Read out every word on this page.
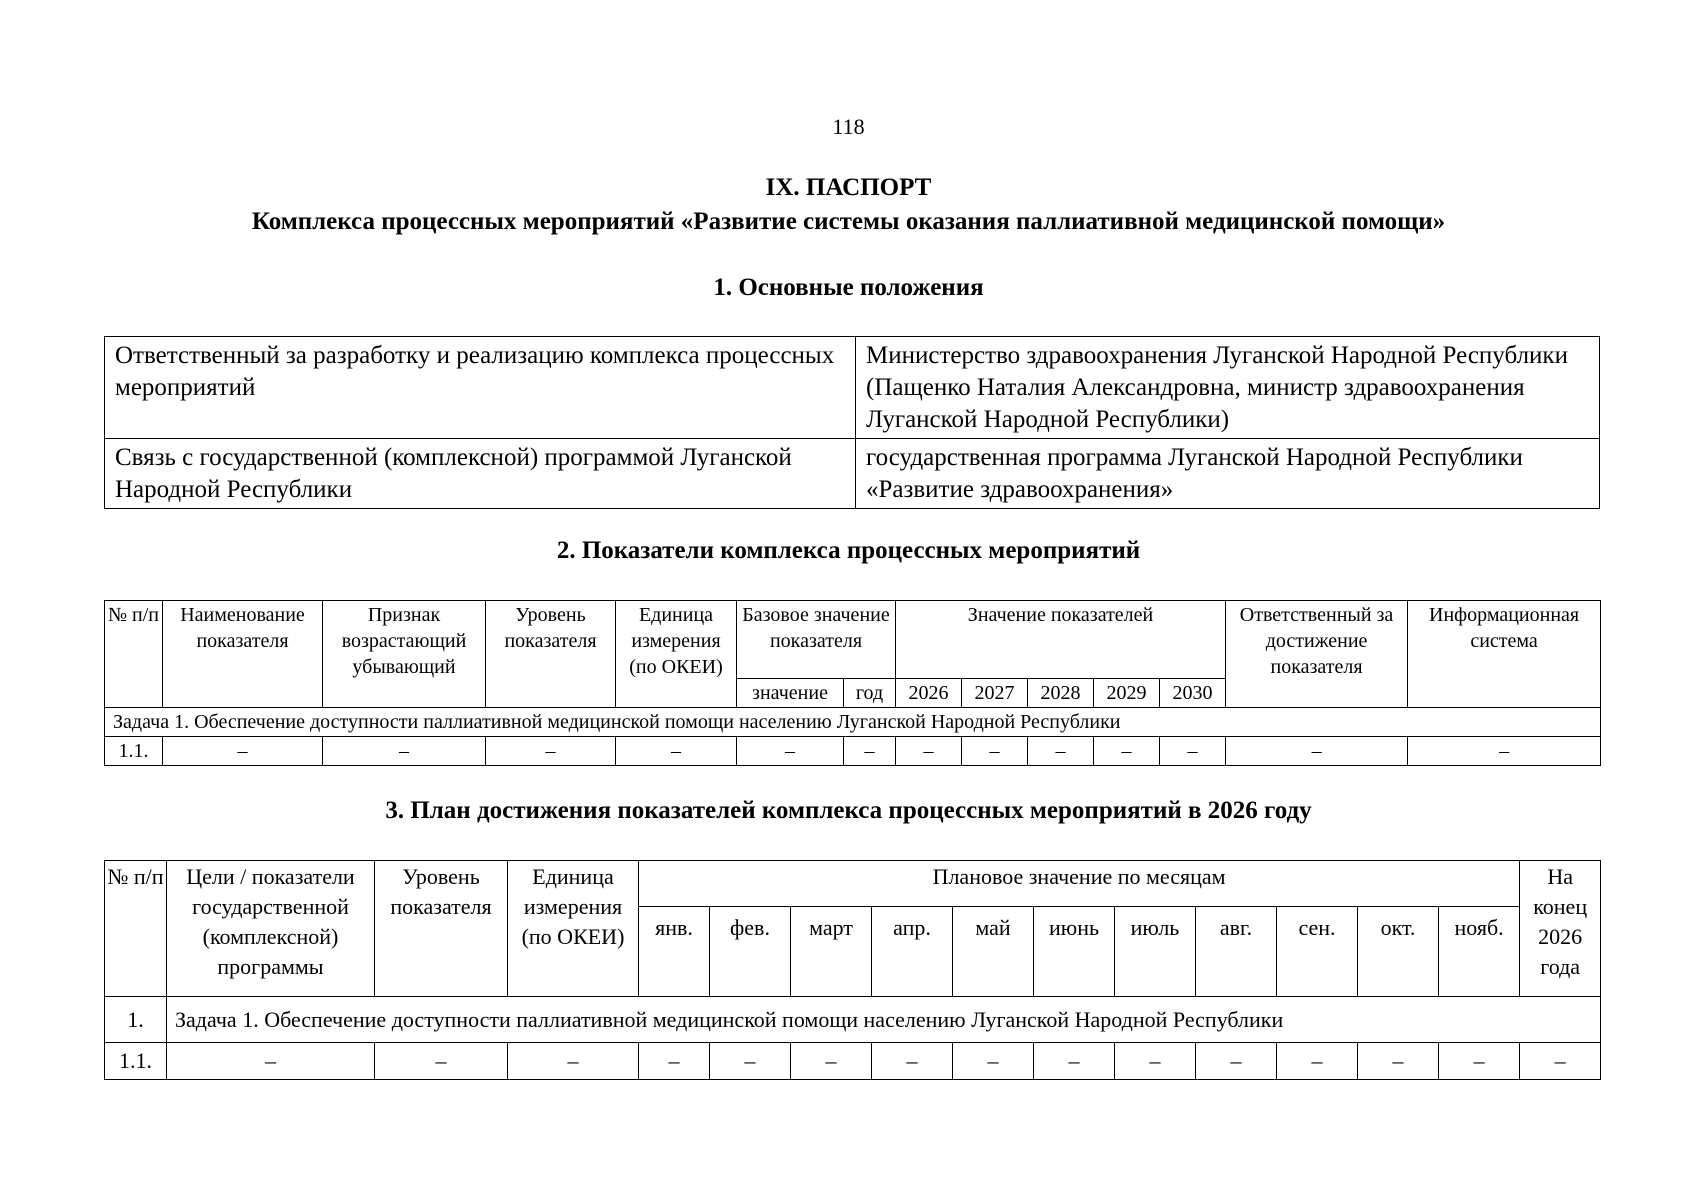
118
IX. ПАСПОРТ
Комплекса процессных мероприятий «Развитие системы оказания паллиативной медицинской помощи»
1. Основные положения
Ответственный за разработку и реализацию комплекса процессных мероприятий	Министерство здравоохранения Луганской Народной Республики (Пащенко Наталия Александровна, министр здравоохранения Луганской Народной Республики)
Связь с государственной (комплексной) программой Луганской Народной Республики	государственная программа Луганской Народной Республики «Развитие здравоохранения»
2. Показатели комплекса процессных мероприятий
№ п/п	Наименование показателя	Признак возрастающий убывающий	Уровень показателя	Единица измерения (по ОКЕИ)	Базовое значение показателя		Значение показателей					Ответственный за достижение показателя	Информационная система
					значение	год	2026	2027	2028	2029	2030		
Задача 1. Обеспечение доступности паллиативной медицинской помощи населению Луганской Народной Республики													
1.1.	–	–	–	–	–	–	–	–	–	–	–	–	–
3. План достижения показателей комплекса процессных мероприятий в 2026 году
№ п/п	Цели / показатели государственной (комплексной) программы	Уровень показателя	Единица измерения (по ОКЕИ)	Плановое значение по месяцам											На конец 2026 года
				янв.	фев.	март	апр.	май	июнь	июль	авг.	сен.	окт.	нояб.	
1.	Задача 1. Обеспечение доступности паллиативной медицинской помощи населению Луганской Народной Республики														
1.1.	–	–	–	–	–	–	–	–	–	–	–	–	–	–	–
